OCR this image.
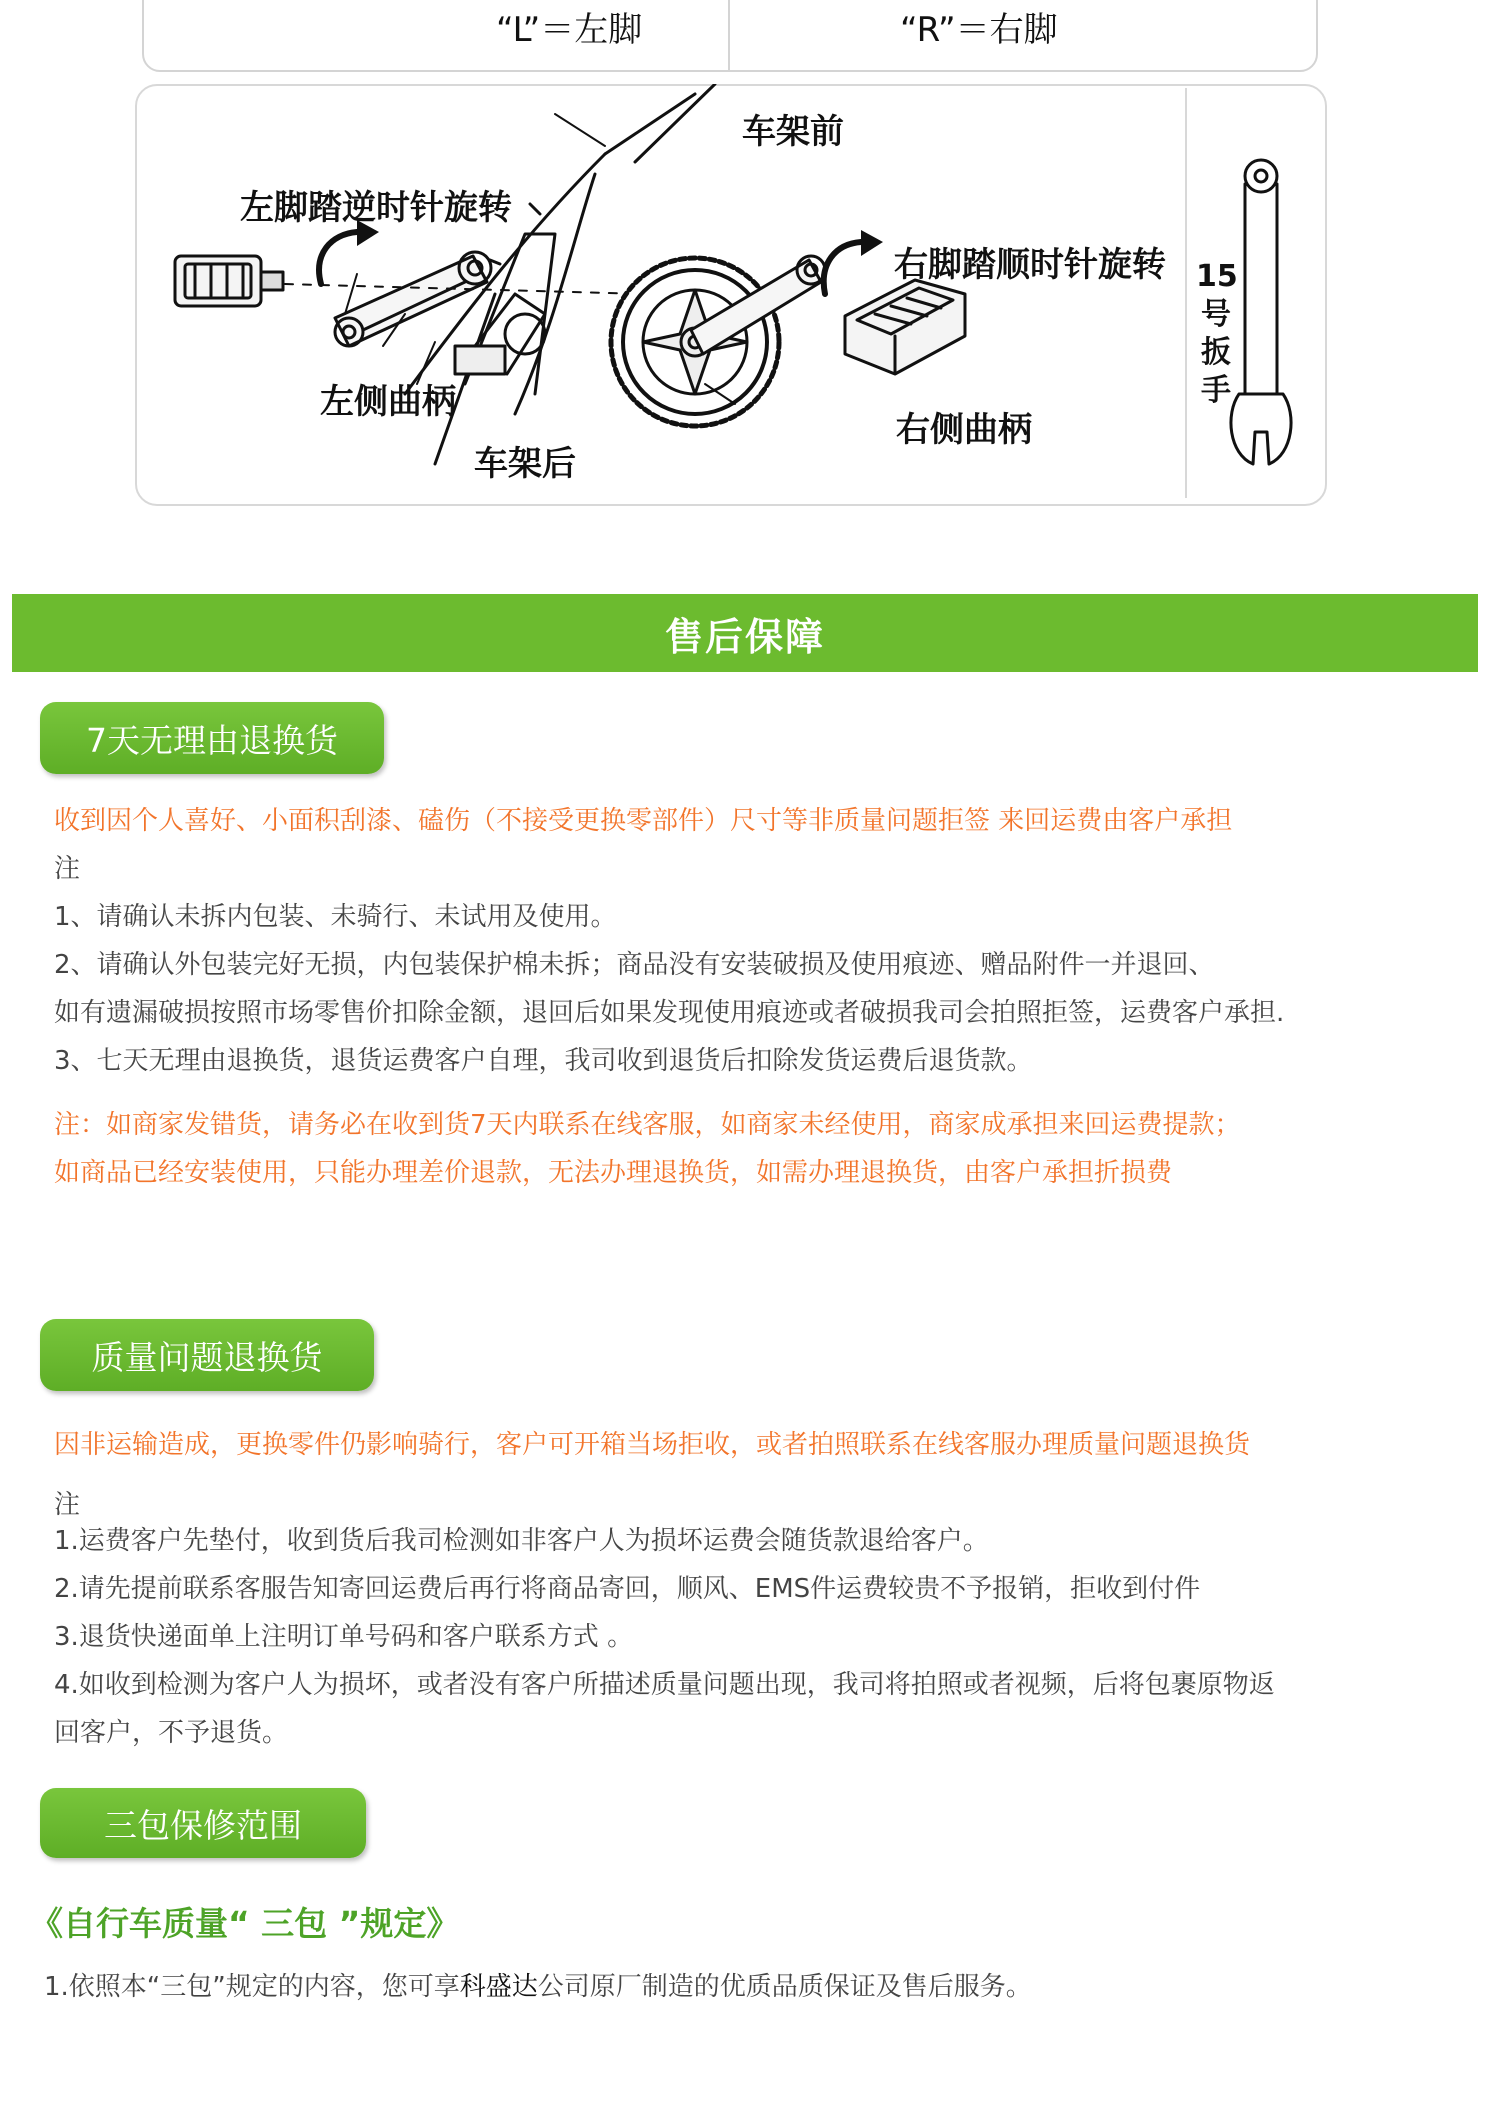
“L”＝左脚	“R”＝右脚
车架前
左脚踏逆时针旋转
右脚踏顺时针旋转
左侧曲柄
车架后
右侧曲柄
15
号
扳
手
售后保障
7天无理由退换货
收到因个人喜好、小面积刮漆、磕伤（不接受更换零部件）尺寸等非质量问题拒签 来回运费由客户承担
注
1、请确认未拆内包装、未骑行、未试用及使用。
2、请确认外包装完好无损，内包装保护棉未拆；商品没有安装破损及使用痕迹、赠品附件一并退回、
如有遗漏破损按照市场零售价扣除金额，退回后如果发现使用痕迹或者破损我司会拍照拒签，运费客户承担.
3、七天无理由退换货，退货运费客户自理，我司收到退货后扣除发货运费后退货款。
注：如商家发错货，请务必在收到货7天内联系在线客服，如商家未经使用，商家成承担来回运费提款；
如商品已经安装使用，只能办理差价退款，无法办理退换货，如需办理退换货，由客户承担折损费
质量问题退换货
因非运输造成，更换零件仍影响骑行，客户可开箱当场拒收，或者拍照联系在线客服办理质量问题退换货
注
1.运费客户先垫付，收到货后我司检测如非客户人为损坏运费会随货款退给客户。
2.请先提前联系客服告知寄回运费后再行将商品寄回，顺风、EMS件运费较贵不予报销，拒收到付件
3.退货快递面单上注明订单号码和客户联系方式 。
4.如收到检测为客户人为损坏，或者没有客户所描述质量问题出现，我司将拍照或者视频，后将包裹原物返
回客户，不予退货。
三包保修范围
《自行车质量“ 三包 ”规定》
1.依照本“三包”规定的内容，您可享科盛达公司原厂制造的优质品质保证及售后服务。
